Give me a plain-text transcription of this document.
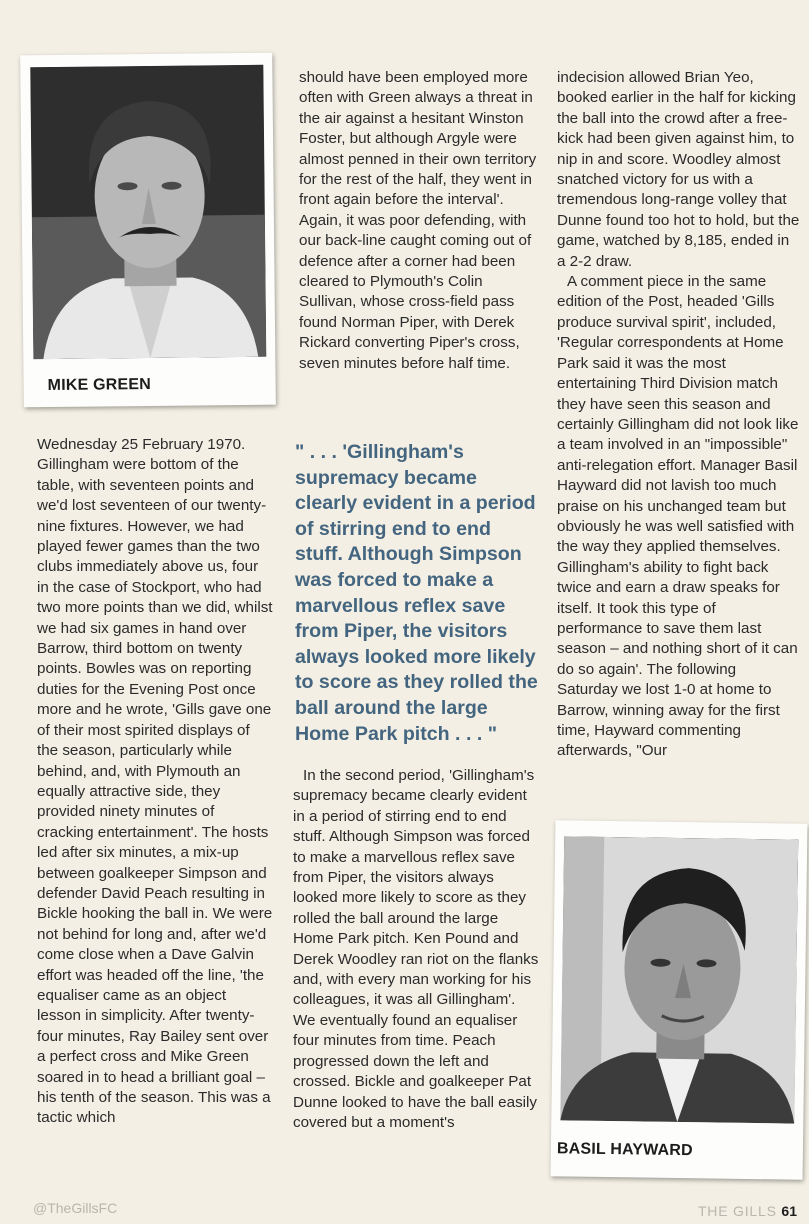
MIKE GREEN

Wednesday 25 February 1970. Gillingham were bottom of the table, with seventeen points and we'd lost seventeen of our twenty-nine fixtures. However, we had played fewer games than the two clubs immediately above us, four in the case of Stockport, who had two more points than we did, whilst we had six games in hand over Barrow, third bottom on twenty points. Bowles was on reporting duties for the Evening Post once more and he wrote, 'Gills gave one of their most spirited displays of the season, particularly while behind, and, with Plymouth an equally attractive side, they provided ninety minutes of cracking entertainment'. The hosts led after six minutes, a mix-up between goalkeeper Simpson and defender David Peach resulting in Bickle hooking the ball in. We were not behind for long and, after we'd come close when a Dave Galvin effort was headed off the line, 'the equaliser came as an object lesson in simplicity. After twenty-four minutes, Ray Bailey sent over a perfect cross and Mike Green soared in to head a brilliant goal – his tenth of the season. This was a tactic which

should have been employed more often with Green always a threat in the air against a hesitant Winston Foster, but although Argyle were almost penned in their own territory for the rest of the half, they went in front again before the interval'. Again, it was poor defending, with our back-line caught coming out of defence after a corner had been cleared to Plymouth's Colin Sullivan, whose cross-field pass found Norman Piper, with Derek Rickard converting Piper's cross, seven minutes before half time.

" . . . 'Gillingham's supremacy became clearly evident in a period of stirring end to end stuff. Although Simpson was forced to make a marvellous reflex save from Piper, the visitors always looked more likely to score as they rolled the ball around the large Home Park pitch . . . "

In the second period, 'Gillingham's supremacy became clearly evident in a period of stirring end to end stuff. Although Simpson was forced to make a marvellous reflex save from Piper, the visitors always looked more likely to score as they rolled the ball around the large Home Park pitch. Ken Pound and Derek Woodley ran riot on the flanks and, with every man working for his colleagues, it was all Gillingham'. We eventually found an equaliser four minutes from time. Peach progressed down the left and crossed. Bickle and goalkeeper Pat Dunne looked to have the ball easily covered but a moment's

indecision allowed Brian Yeo, booked earlier in the half for kicking the ball into the crowd after a free-kick had been given against him, to nip in and score. Woodley almost snatched victory for us with a tremendous long-range volley that Dunne found too hot to hold, but the game, watched by 8,185, ended in a 2-2 draw.

A comment piece in the same edition of the Post, headed 'Gills produce survival spirit', included, 'Regular correspondents at Home Park said it was the most entertaining Third Division match they have seen this season and certainly Gillingham did not look like a team involved in an "impossible" anti-relegation effort. Manager Basil Hayward did not lavish too much praise on his unchanged team but obviously he was well satisfied with the way they applied themselves. Gillingham's ability to fight back twice and earn a draw speaks for itself. It took this type of performance to save them last season – and nothing short of it can do so again'. The following Saturday we lost 1-0 at home to Barrow, winning away for the first time, Hayward commenting afterwards, "Our

BASIL HAYWARD
@TheGillsFC	THE GILLS 61
